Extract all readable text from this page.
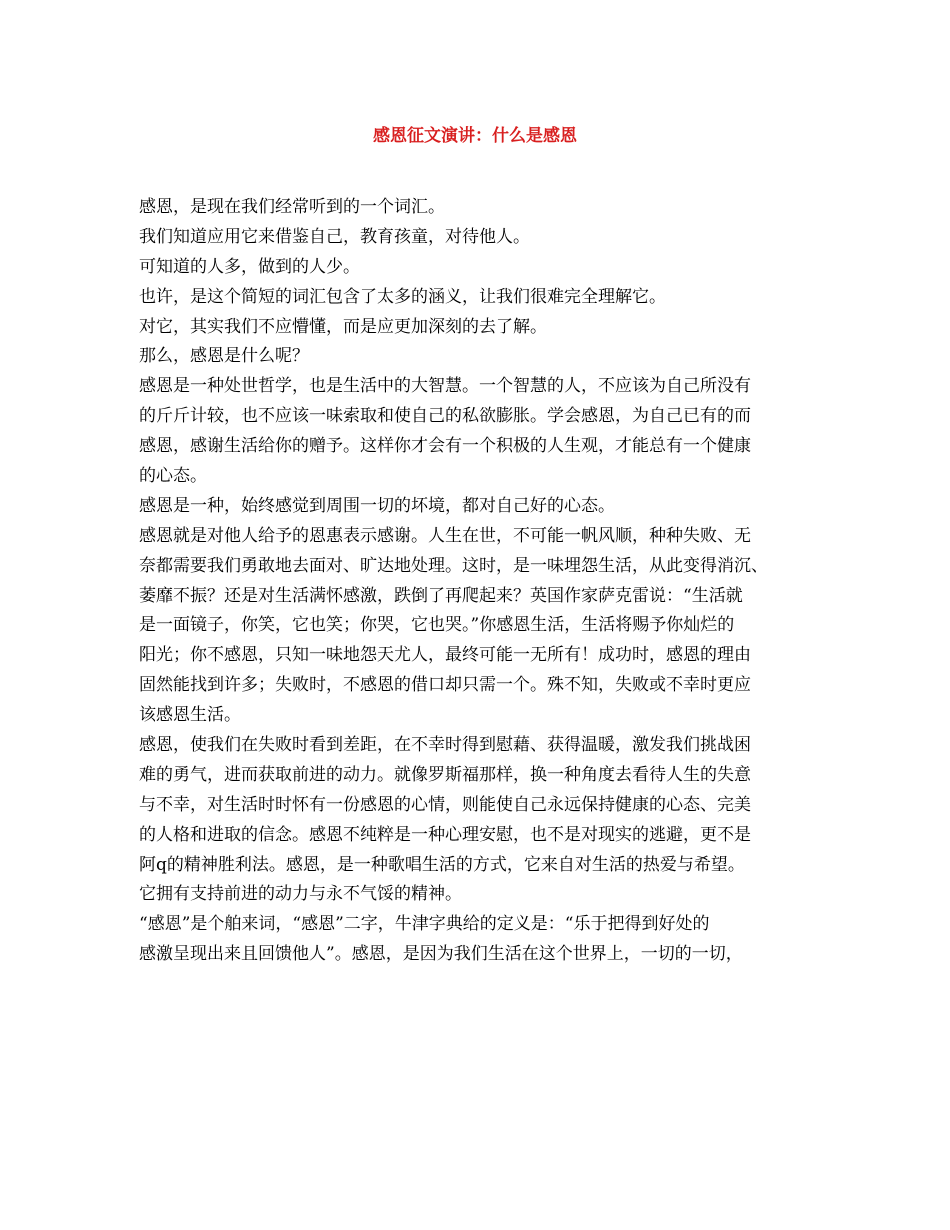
感恩征文演讲：什么是感恩
感恩，是现在我们经常听到的一个词汇。
我们知道应用它来借鉴自己，教育孩童，对待他人。
可知道的人多，做到的人少。
也许，是这个简短的词汇包含了太多的涵义，让我们很难完全理解它。
对它，其实我们不应懵懂，而是应更加深刻的去了解。
那么，感恩是什么呢？
感恩是一种处世哲学，也是生活中的大智慧。一个智慧的人，不应该为自己所没有
的斤斤计较，也不应该一味索取和使自己的私欲膨胀。学会感恩，为自己已有的而
感恩，感谢生活给你的赠予。这样你才会有一个积极的人生观，才能总有一个健康
的心态。
感恩是一种，始终感觉到周围一切的坏境，都对自己好的心态。
感恩就是对他人给予的恩惠表示感谢。人生在世，不可能一帆风顺，种种失败、无
奈都需要我们勇敢地去面对、旷达地处理。这时，是一味埋怨生活，从此变得消沉、
萎靡不振？还是对生活满怀感激，跌倒了再爬起来？英国作家萨克雷说：“生活就
是一面镜子，你笑，它也笑；你哭，它也哭。”你感恩生活，生活将赐予你灿烂的
阳光；你不感恩，只知一味地怨天尤人，最终可能一无所有！成功时，感恩的理由
固然能找到许多；失败时，不感恩的借口却只需一个。殊不知，失败或不幸时更应
该感恩生活。
感恩，使我们在失败时看到差距，在不幸时得到慰藉、获得温暖，激发我们挑战困
难的勇气，进而获取前进的动力。就像罗斯福那样，换一种角度去看待人生的失意
与不幸，对生活时时怀有一份感恩的心情，则能使自己永远保持健康的心态、完美
的人格和进取的信念。感恩不纯粹是一种心理安慰，也不是对现实的逃避，更不是
阿q的精神胜利法。感恩，是一种歌唱生活的方式，它来自对生活的热爱与希望。
它拥有支持前进的动力与永不气馁的精神。
“感恩”是个舶来词，“感恩”二字，牛津字典给的定义是：“乐于把得到好处的
感激呈现出来且回馈他人”。感恩，是因为我们生活在这个世界上，一切的一切，
